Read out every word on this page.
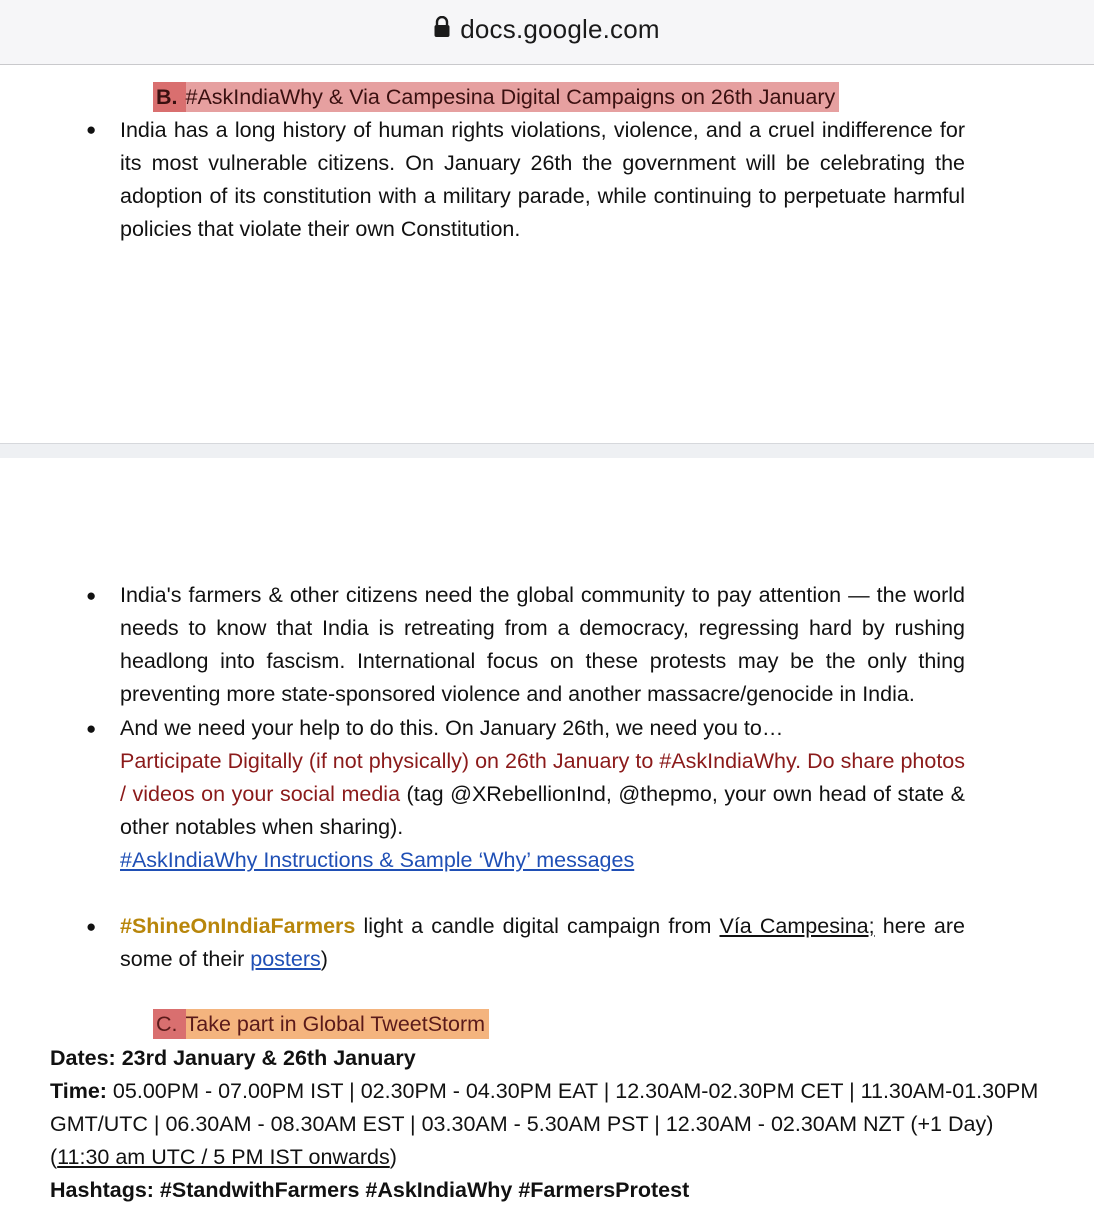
docs.google.com
B. #AskIndiaWhy & Via Campesina Digital Campaigns on 26th January
● India has a long history of human rights violations, violence, and a cruel indifference for its most vulnerable citizens. On January 26th the government will be celebrating the adoption of its constitution with a military parade, while continuing to perpetuate harmful policies that violate their own Constitution.
● India's farmers & other citizens need the global community to pay attention — the world needs to know that India is retreating from a democracy, regressing hard by rushing headlong into fascism. International focus on these protests may be the only thing preventing more state-sponsored violence and another massacre/genocide in India.
● And we need your help to do this. On January 26th, we need you to…
Participate Digitally (if not physically) on 26th January to #AskIndiaWhy. Do share photos / videos on your social media (tag @XRebellionInd, @thepmo, your own head of state & other notables when sharing).
#AskIndiaWhy Instructions & Sample ‘Why’ messages
● #ShineOnIndiaFarmers light a candle digital campaign from Vía Campesina; here are some of their posters)
C. Take part in Global TweetStorm
Dates: 23rd January & 26th January
Time: 05.00PM - 07.00PM IST | 02.30PM - 04.30PM EAT | 12.30AM-02.30PM CET | 11.30AM-01.30PM GMT/UTC | 06.30AM - 08.30AM EST | 03.30AM - 5.30AM PST | 12.30AM - 02.30AM NZT (+1 Day) (11:30 am UTC / 5 PM IST onwards)
Hashtags: #StandwithFarmers #AskIndiaWhy #FarmersProtest
